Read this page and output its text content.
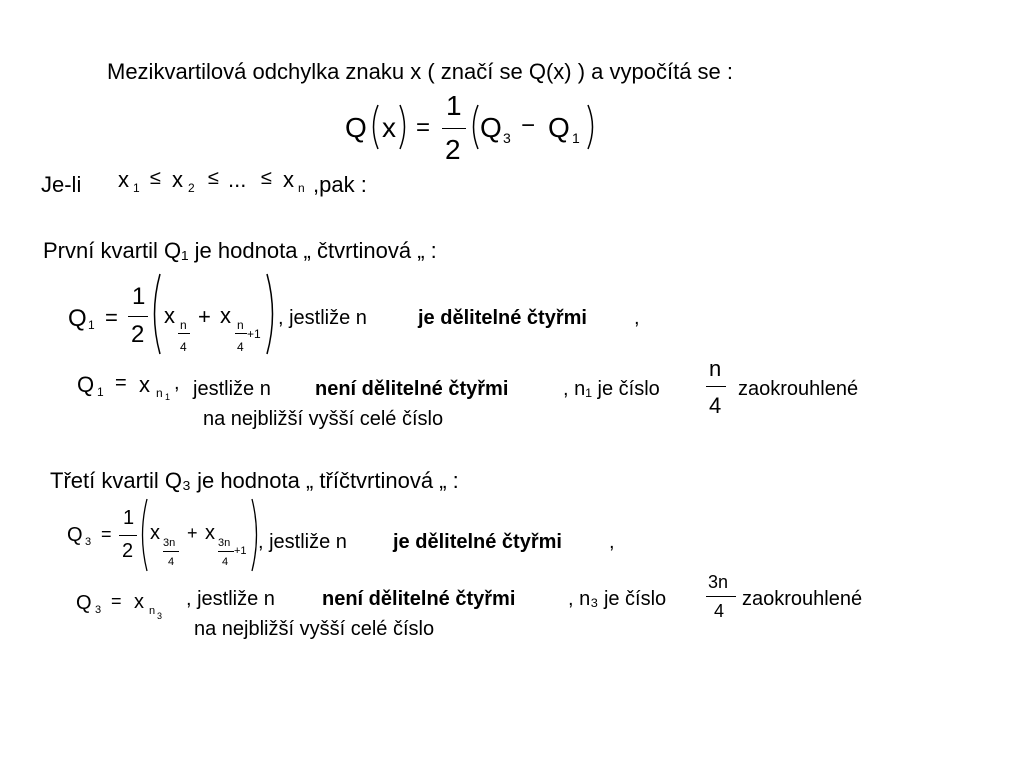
Mezikvartilová odchylka znaku x ( značí se Q(x) ) a vypočítá se :
Q x =
1
2
Q 3 − Q 1
Je-li x 1 ≤ x 2 ≤ ... ≤ x n ,pak :
První kvartil Q₁ je hodnota „ čtvrtinová „ :
Q 1 =
1
2
x n
4
+ x n
4
+1
, jestliže n	je dělitelné čtyřmi ,
Q 1 = x n 1
, jestliže n není dělitelné čtyřmi	, n₁ je číslo
n
4
zaokrouhlené
na nejbližší vyšší celé číslo
Třetí kvartil Q₃ je hodnota „ tříčtvrtinová „ :
Q 3 =
1
2
x 3n
4
+ x 3n
4
+1 , jestliže n je dělitelné čtyřmi ,
Q 3 = x n 3
, jestliže n není dělitelné čtyřmi	, n₃ je číslo
3n
4
zaokrouhlené
na nejbližší vyšší celé číslo
